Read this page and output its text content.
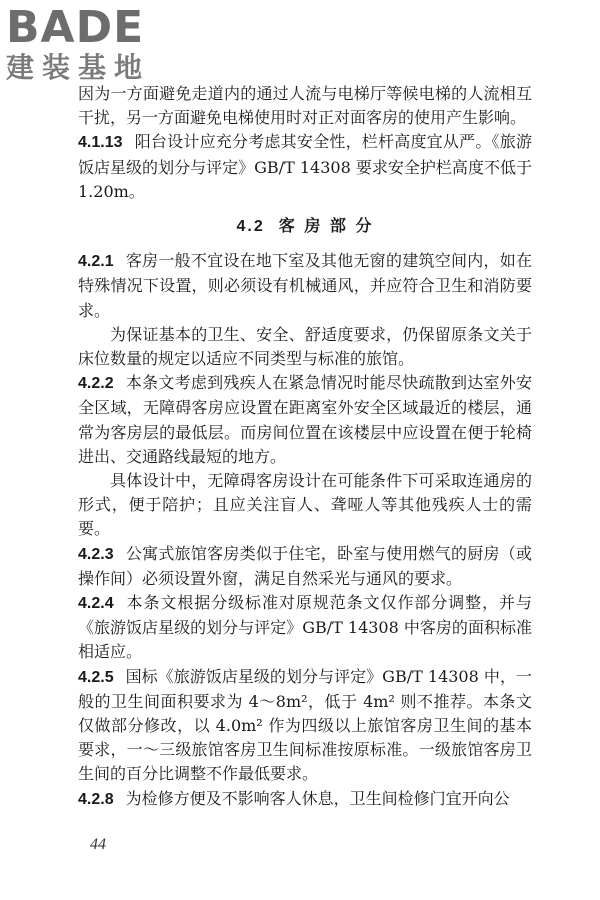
BADE
建装基地

因为一方面避免走道内的通过人流与电梯厅等候电梯的人流相互干扰，另一方面避免电梯使用时对正对面客房的使用产生影响。

4.1.13 阳台设计应充分考虑其安全性，栏杆高度宜从严。《旅游饭店星级的划分与评定》GB/T 14308 要求安全护栏高度不低于 1.20m。

4.2 客 房 部 分

4.2.1 客房一般不宜设在地下室及其他无窗的建筑空间内，如在特殊情况下设置，则必须设有机械通风，并应符合卫生和消防要求。

为保证基本的卫生、安全、舒适度要求，仍保留原条文关于床位数量的规定以适应不同类型与标准的旅馆。

4.2.2 本条文考虑到残疾人在紧急情况时能尽快疏散到达室外安全区域，无障碍客房应设置在距离室外安全区域最近的楼层，通常为客房层的最低层。而房间位置在该楼层中应设置在便于轮椅进出、交通路线最短的地方。

具体设计中，无障碍客房设计在可能条件下可采取连通房的形式，便于陪护；且应关注盲人、聋哑人等其他残疾人士的需要。

4.2.3 公寓式旅馆客房类似于住宅，卧室与使用燃气的厨房（或操作间）必须设置外窗，满足自然采光与通风的要求。

4.2.4 本条文根据分级标准对原规范条文仅作部分调整，并与《旅游饭店星级的划分与评定》GB/T 14308 中客房的面积标准相适应。

4.2.5 国标《旅游饭店星级的划分与评定》GB/T 14308 中，一般的卫生间面积要求为 4～8m²，低于 4m² 则不推荐。本条文仅做部分修改，以 4.0m² 作为四级以上旅馆客房卫生间的基本要求，一～三级旅馆客房卫生间标准按原标准。一级旅馆客房卫生间的百分比调整不作最低要求。

4.2.8 为检修方便及不影响客人休息，卫生间检修门宜开向公

44
